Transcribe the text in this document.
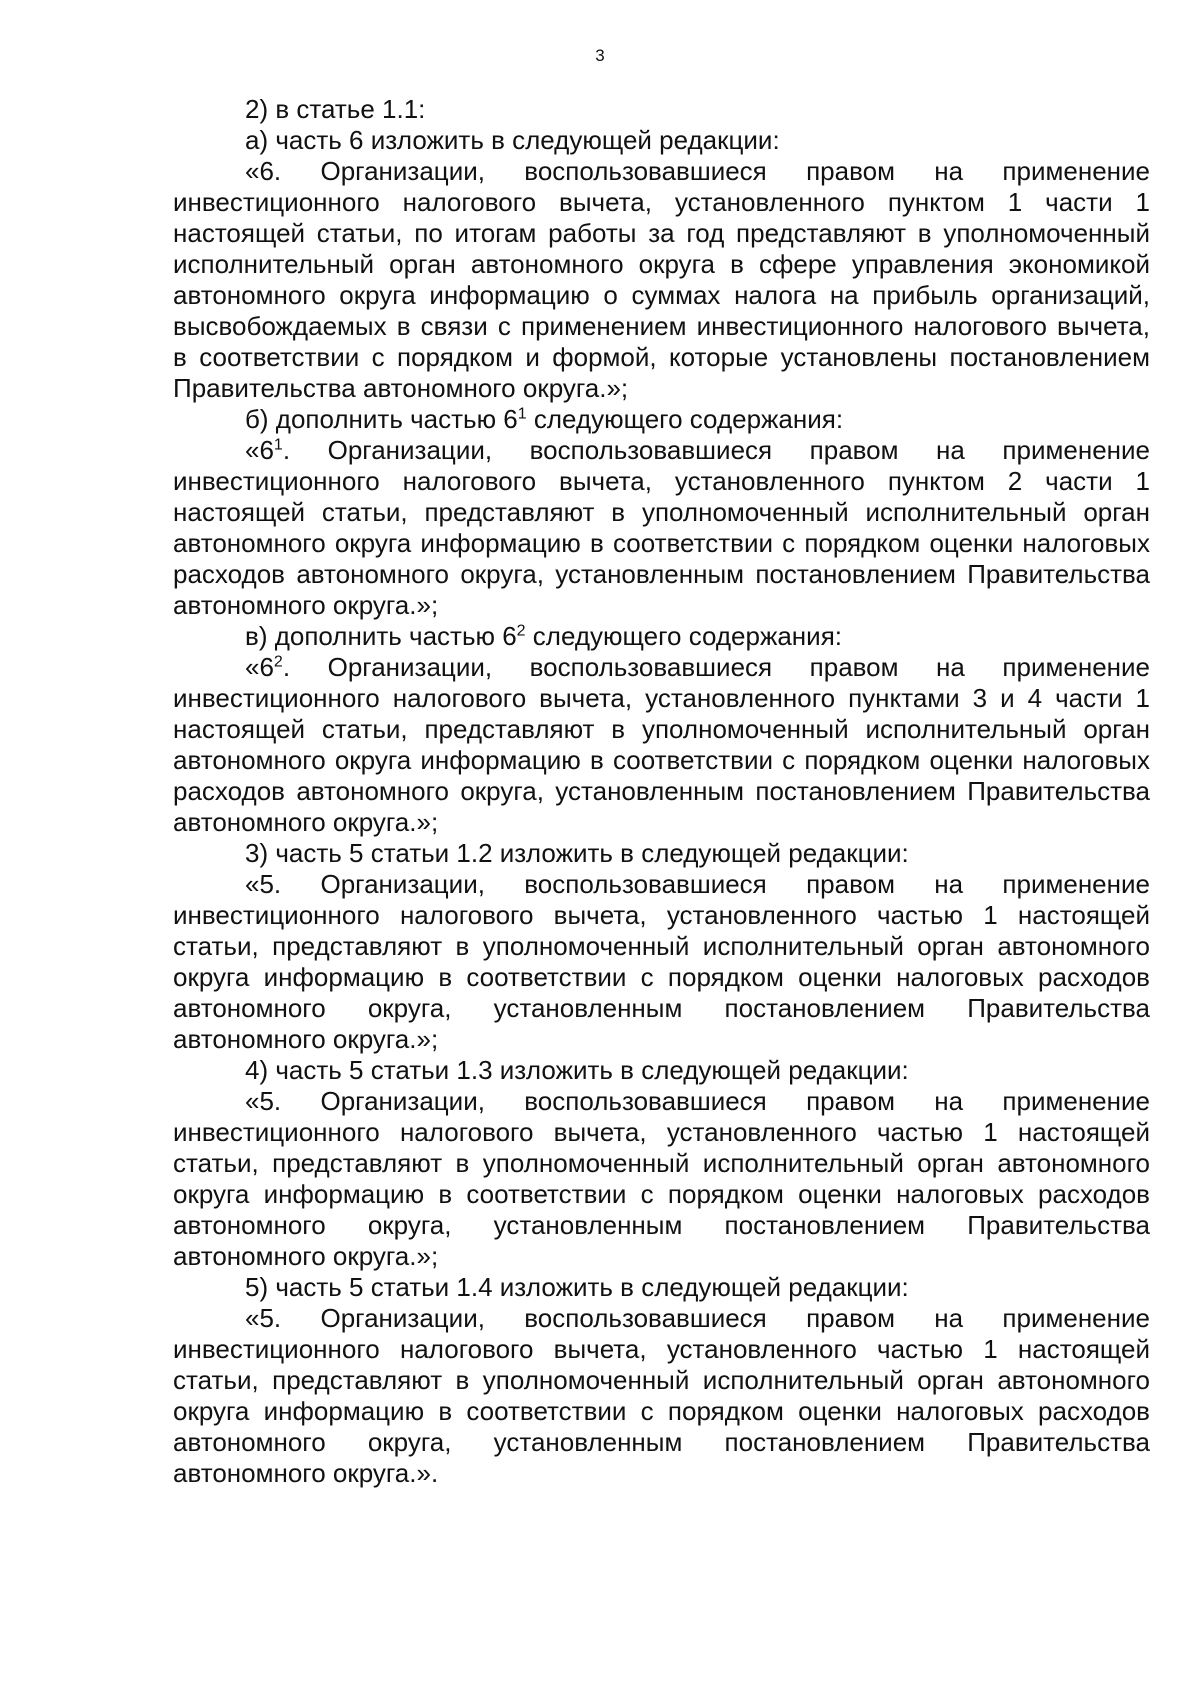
3

2) в статье 1.1:

а) часть 6 изложить в следующей редакции:

«6. Организации, воспользовавшиеся правом на применение инвестиционного налогового вычета, установленного пунктом 1 части 1 настоящей статьи, по итогам работы за год представляют в уполномоченный исполнительный орган автономного округа в сфере управления экономикой автономного округа информацию о суммах налога на прибыль организаций, высвобождаемых в связи с применением инвестиционного налогового вычета, в соответствии с порядком и формой, которые установлены постановлением Правительства автономного округа.»;

б) дополнить частью $6^1$ следующего содержания:

«$6^1$. Организации, воспользовавшиеся правом на применение инвестиционного налогового вычета, установленного пунктом 2 части 1 настоящей статьи, представляют в уполномоченный исполнительный орган автономного округа информацию в соответствии с порядком оценки налоговых расходов автономного округа, установленным постановлением Правительства автономного округа.»;

в) дополнить частью $6^2$ следующего содержания:

«$6^2$. Организации, воспользовавшиеся правом на применение инвестиционного налогового вычета, установленного пунктами 3 и 4 части 1 настоящей статьи, представляют в уполномоченный исполнительный орган автономного округа информацию в соответствии с порядком оценки налоговых расходов автономного округа, установленным постановлением Правительства автономного округа.»;

3) часть 5 статьи 1.2 изложить в следующей редакции:

«5. Организации, воспользовавшиеся правом на применение инвестиционного налогового вычета, установленного частью 1 настоящей статьи, представляют в уполномоченный исполнительный орган автономного округа информацию в соответствии с порядком оценки налоговых расходов автономного округа, установленным постановлением Правительства автономного округа.»;

4) часть 5 статьи 1.3 изложить в следующей редакции:

«5. Организации, воспользовавшиеся правом на применение инвестиционного налогового вычета, установленного частью 1 настоящей статьи, представляют в уполномоченный исполнительный орган автономного округа информацию в соответствии с порядком оценки налоговых расходов автономного округа, установленным постановлением Правительства автономного округа.»;

5) часть 5 статьи 1.4 изложить в следующей редакции:

«5. Организации, воспользовавшиеся правом на применение инвестиционного налогового вычета, установленного частью 1 настоящей статьи, представляют в уполномоченный исполнительный орган автономного округа информацию в соответствии с порядком оценки налоговых расходов автономного округа, установленным постановлением Правительства автономного округа.».
